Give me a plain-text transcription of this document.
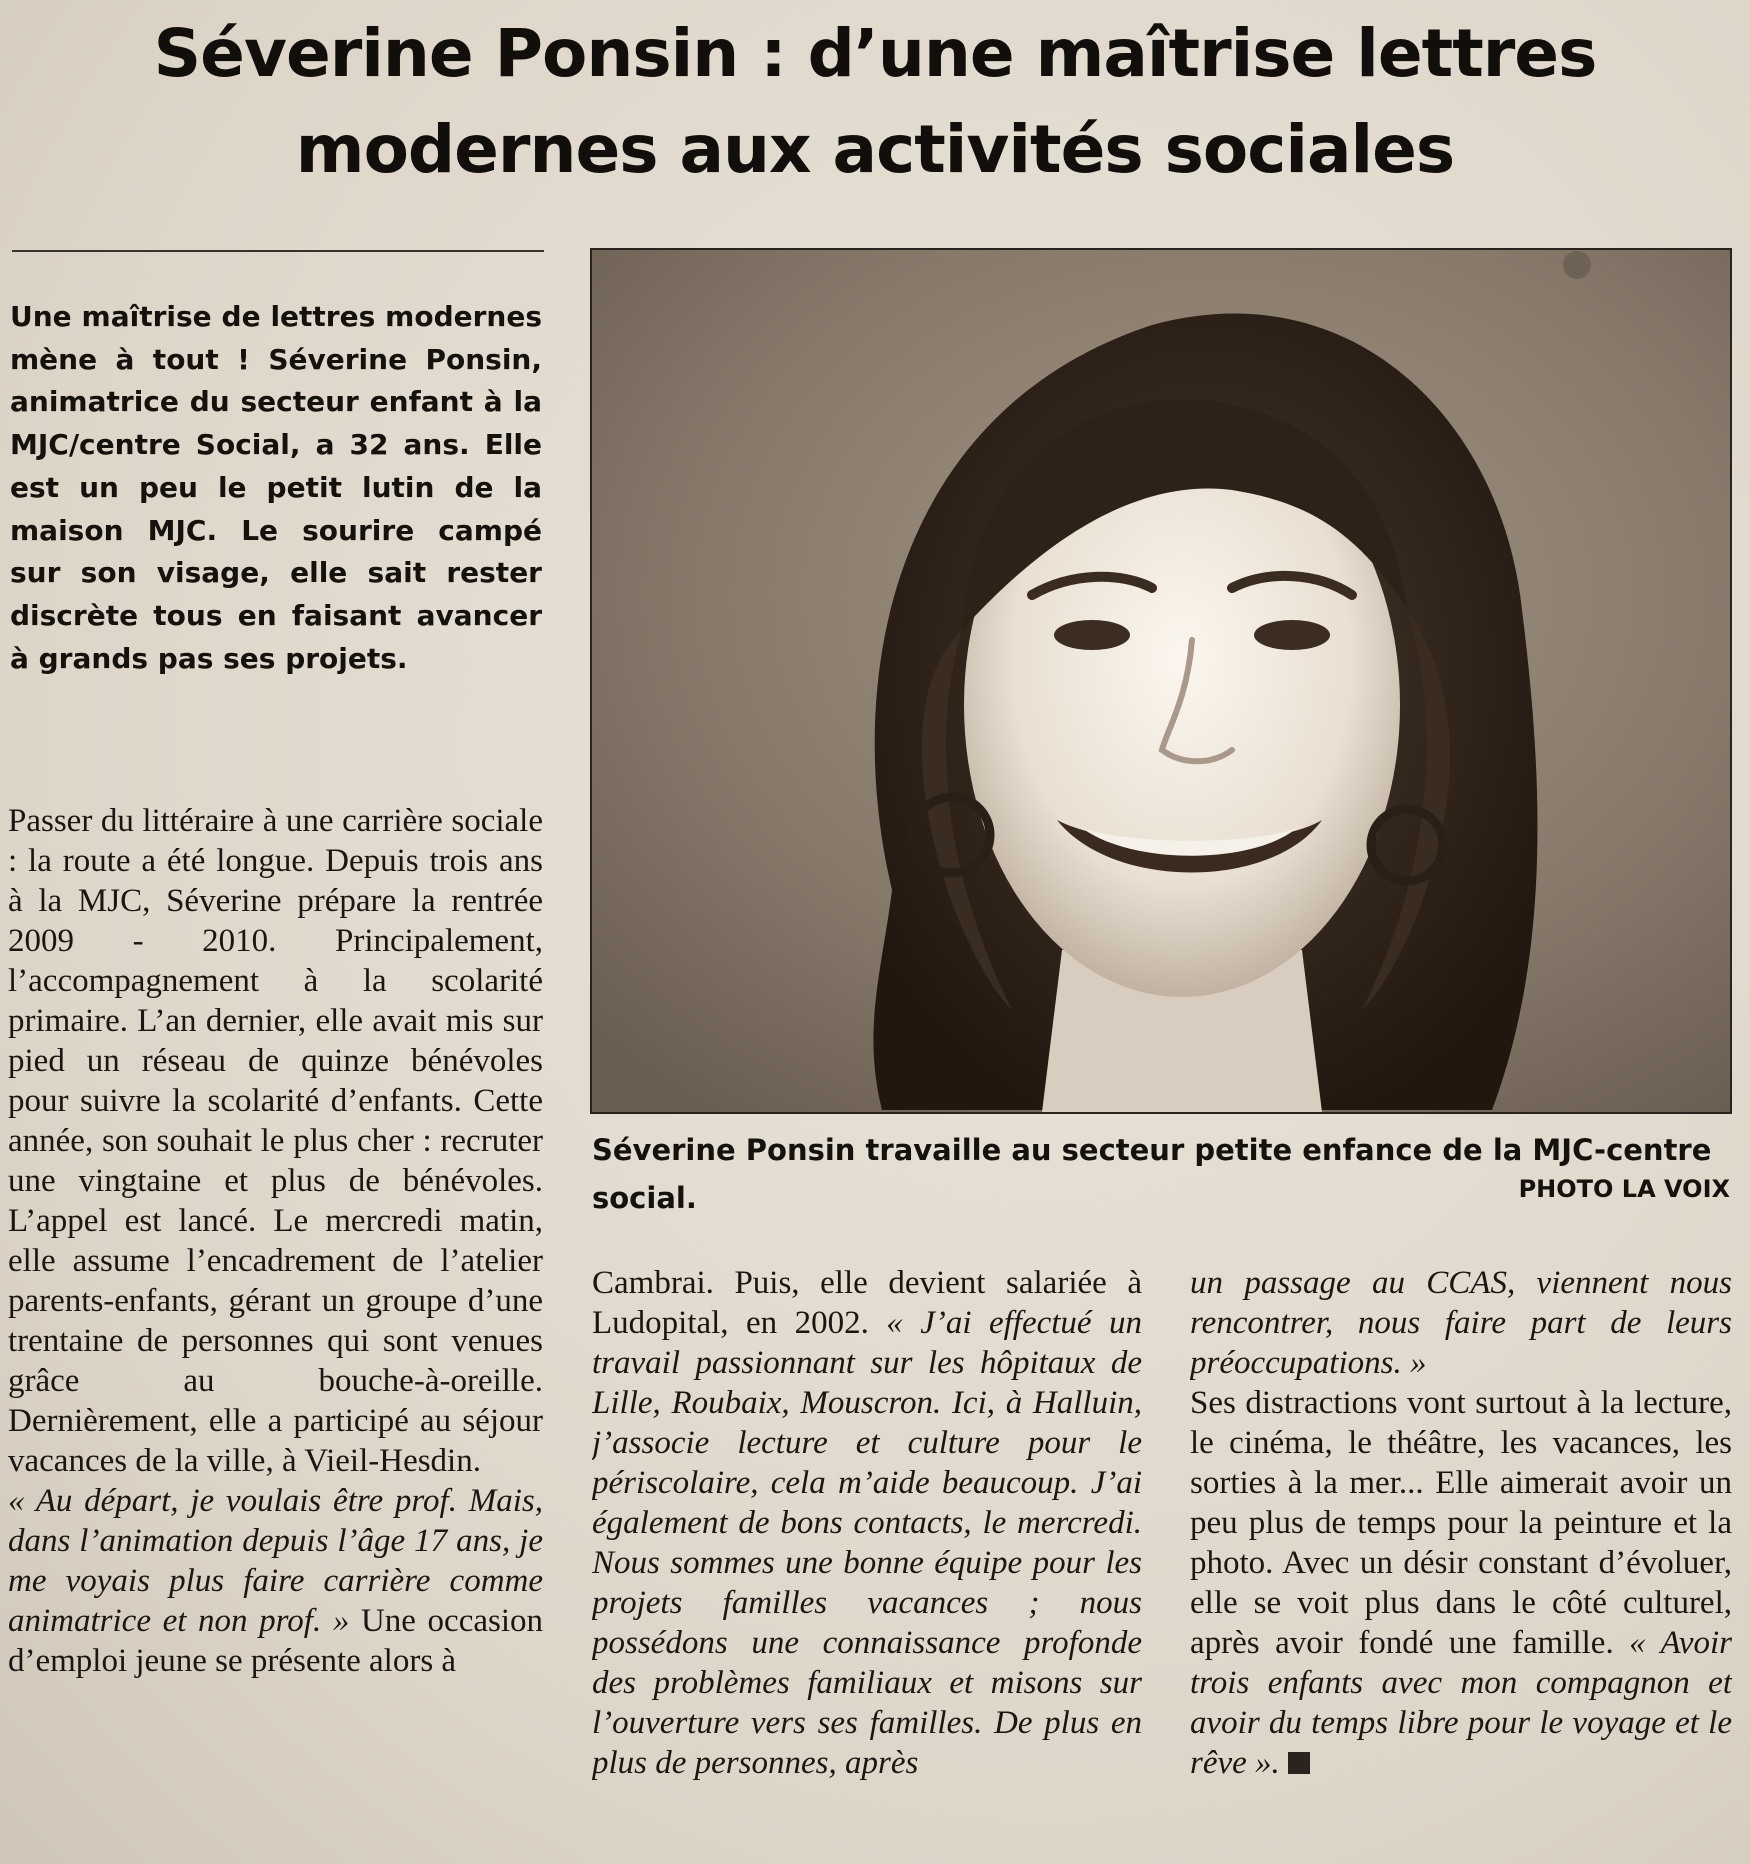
Séverine Ponsin : d’une maîtrise lettres modernes aux activités sociales

Une maîtrise de lettres modernes mène à tout ! Séverine Ponsin, animatrice du secteur enfant à la MJC/centre Social, a 32 ans. Elle est un peu le petit lutin de la maison MJC. Le sourire campé sur son visage, elle sait rester discrète tous en faisant avancer à grands pas ses projets.

Passer du littéraire à une carrière sociale : la route a été longue. Depuis trois ans à la MJC, Séverine prépare la rentrée 2009 - 2010. Principalement, l’accompagnement à la scolarité primaire. L’an dernier, elle avait mis sur pied un réseau de quinze bénévoles pour suivre la scolarité d’enfants. Cette année, son souhait le plus cher : recruter une vingtaine et plus de bénévoles. L’appel est lancé. Le mercredi matin, elle assume l’encadrement de l’atelier parents-enfants, gérant un groupe d’une trentaine de personnes qui sont venues grâce au bouche-à-oreille. Dernièrement, elle a participé au séjour vacances de la ville, à Vieil-Hesdin.

« Au départ, je voulais être prof. Mais, dans l’animation depuis l’âge 17 ans, je me voyais plus faire carrière comme animatrice et non prof. » Une occasion d’emploi jeune se présente alors à

Séverine Ponsin travaille au secteur petite enfance de la MJC-centre social.	PHOTO LA VOIX

Cambrai. Puis, elle devient salariée à Ludopital, en 2002. « J’ai effectué un travail passionnant sur les hôpitaux de Lille, Roubaix, Mouscron. Ici, à Halluin, j’associe lecture et culture pour le périscolaire, cela m’aide beaucoup. J’ai également de bons contacts, le mercredi. Nous sommes une bonne équipe pour les projets familles vacances ; nous possédons une connaissance profonde des problèmes familiaux et misons sur l’ouverture vers ses familles. De plus en plus de personnes, après

un passage au CCAS, viennent nous rencontrer, nous faire part de leurs préoccupations. »

Ses distractions vont surtout à la lecture, le cinéma, le théâtre, les vacances, les sorties à la mer... Elle aimerait avoir un peu plus de temps pour la peinture et la photo. Avec un désir constant d’évoluer, elle se voit plus dans le côté culturel, après avoir fondé une famille. « Avoir trois enfants avec mon compagnon et avoir du temps libre pour le voyage et le rêve ».
